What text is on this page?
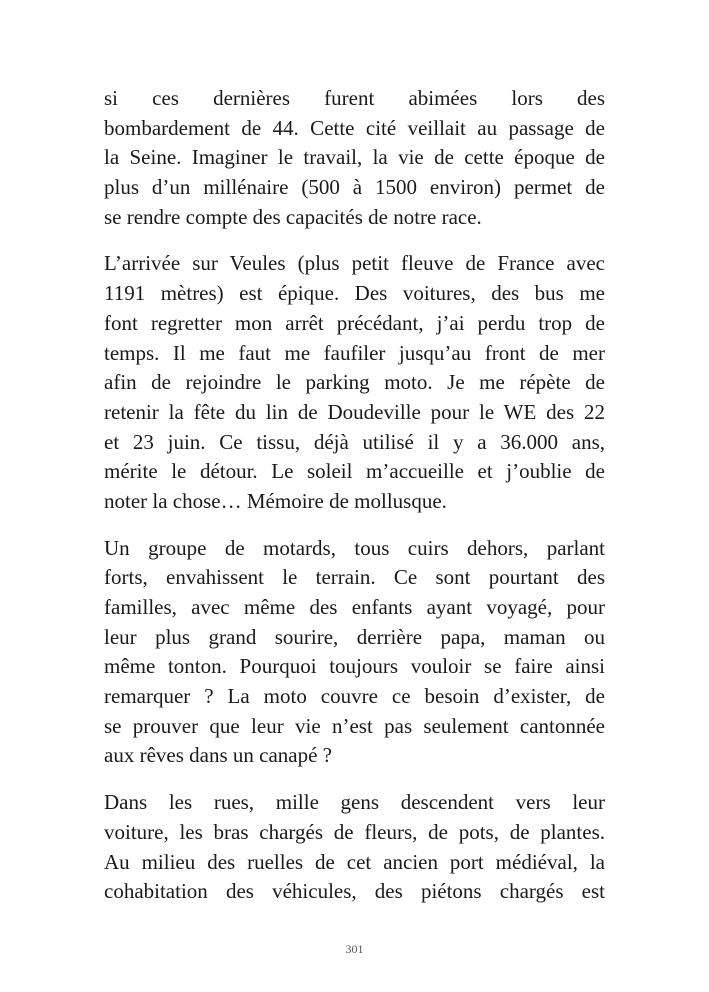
si ces dernières furent abimées lors des
bombardement de 44. Cette cité veillait au passage de
la Seine. Imaginer le travail, la vie de cette époque de
plus d’un millénaire (500 à 1500 environ) permet de
se rendre compte des capacités de notre race.
L’arrivée sur Veules (plus petit fleuve de France avec
1191 mètres) est épique. Des voitures, des bus me
font regretter mon arrêt précédant, j’ai perdu trop de
temps. Il me faut me faufiler jusqu’au front de mer
afin de rejoindre le parking moto. Je me répète de
retenir la fête du lin de Doudeville pour le WE des 22
et 23 juin. Ce tissu, déjà utilisé il y a 36.000 ans,
mérite le détour. Le soleil m’accueille et j’oublie de
noter la chose… Mémoire de mollusque.
Un groupe de motards, tous cuirs dehors, parlant
forts, envahissent le terrain. Ce sont pourtant des
familles, avec même des enfants ayant voyagé, pour
leur plus grand sourire, derrière papa, maman ou
même tonton. Pourquoi toujours vouloir se faire ainsi
remarquer ? La moto couvre ce besoin d’exister, de
se prouver que leur vie n’est pas seulement cantonnée
aux rêves dans un canapé ?
Dans les rues, mille gens descendent vers leur
voiture, les bras chargés de fleurs, de pots, de plantes.
Au milieu des ruelles de cet ancien port médiéval, la
cohabitation des véhicules, des piétons chargés est
301
